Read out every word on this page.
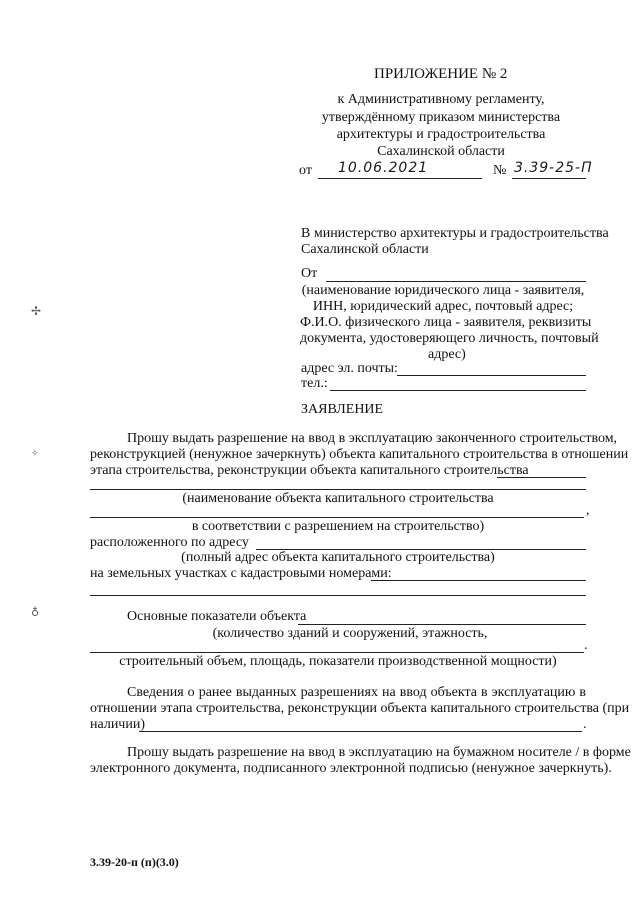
ПРИЛОЖЕНИЕ № 2
к Административному регламенту,
утверждённому приказом министерства
архитектуры и градостроительства
Сахалинской области
от 10.06.2021	№ 3.39-25-П
В министерство архитектуры и градостроительства
Сахалинской области
От
(наименование юридического лица - заявителя,
ИНН, юридический адрес, почтовый адрес;
Ф.И.О. физического лица - заявителя, реквизиты
документа, удостоверяющего личность, почтовый
адрес)
адрес эл. почты:
тел.:
ЗАЯВЛЕНИЕ
Прошу выдать разрешение на ввод в эксплуатацию законченного строительством,
реконструкцией (ненужное зачеркнуть) объекта капитального строительства в отношении
этапа строительства, реконструкции объекта капитального строительства
(наименование объекта капитального строительства
,
в соответствии с разрешением на строительство)
расположенного по адресу
(полный адрес объекта капитального строительства)
на земельных участках с кадастровыми номерами:
Основные показатели объекта
(количество зданий и сооружений, этажность,
.
строительный объем, площадь, показатели производственной мощности)
Сведения о ранее выданных разрешениях на ввод объекта в эксплуатацию в
отношении этапа строительства, реконструкции объекта капитального строительства (при
наличии)	.
Прошу выдать разрешение на ввод в эксплуатацию на бумажном носителе / в форме
электронного документа, подписанного электронной подписью (ненужное зачеркнуть).
3.39-20-п (п)(3.0)
✢
✧
♁
